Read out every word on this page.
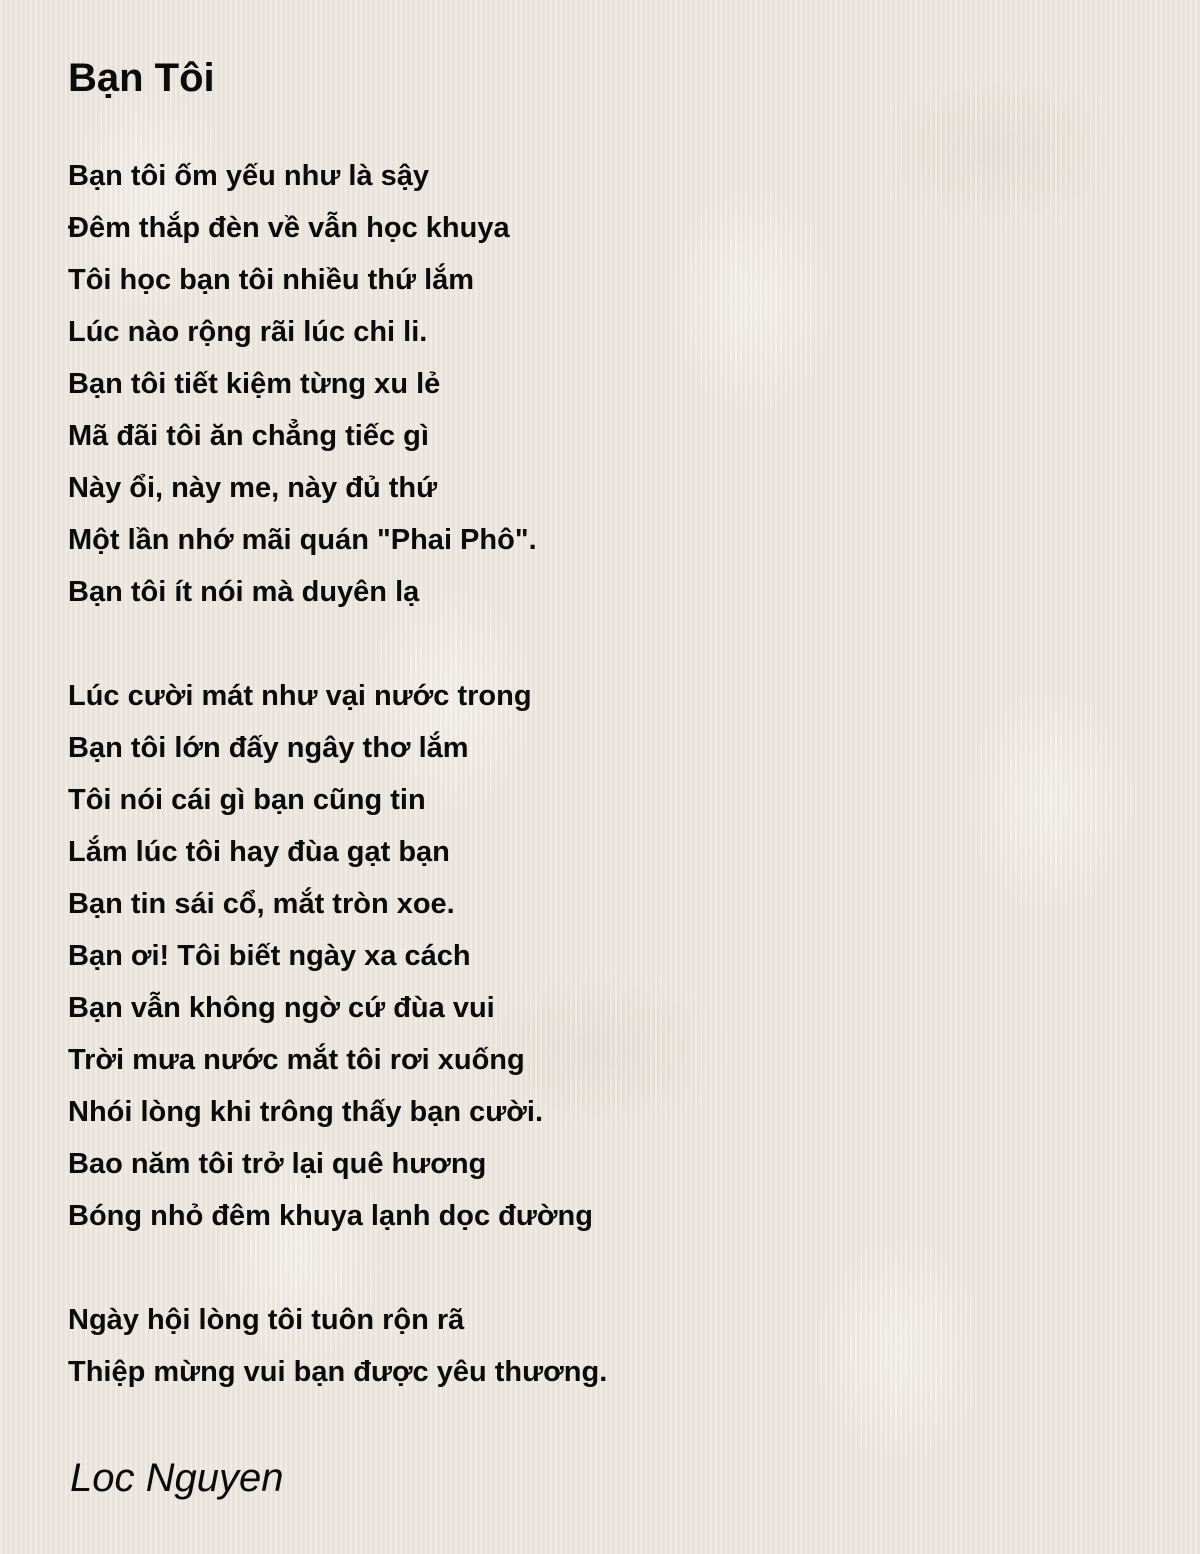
Bạn Tôi
Bạn tôi ốm yếu như là sậy
Đêm thắp đèn về vẫn học khuya
Tôi học bạn tôi nhiều thứ lắm
Lúc nào rộng rãi lúc chi li.
Bạn tôi tiết kiệm từng xu lẻ
Mã đãi tôi ăn chẳng tiếc gì
Này ổi, này me, này đủ thứ
Một lần nhớ mãi quán "Phai Phô".
Bạn tôi ít nói mà duyên lạ
Lúc cười mát như vại nước trong
Bạn tôi lớn đấy ngây thơ lắm
Tôi nói cái gì bạn cũng tin
Lắm lúc tôi hay đùa gạt bạn
Bạn tin sái cổ, mắt tròn xoe.
Bạn ơi! Tôi biết ngày xa cách
Bạn vẫn không ngờ cứ đùa vui
Trời mưa nước mắt tôi rơi xuống
Nhói lòng khi trông thấy bạn cười.
Bao năm tôi trở lại quê hương
Bóng nhỏ đêm khuya lạnh dọc đường
Ngày hội lòng tôi tuôn rộn rã
Thiệp mừng vui bạn được yêu thương.
Loc Nguyen
